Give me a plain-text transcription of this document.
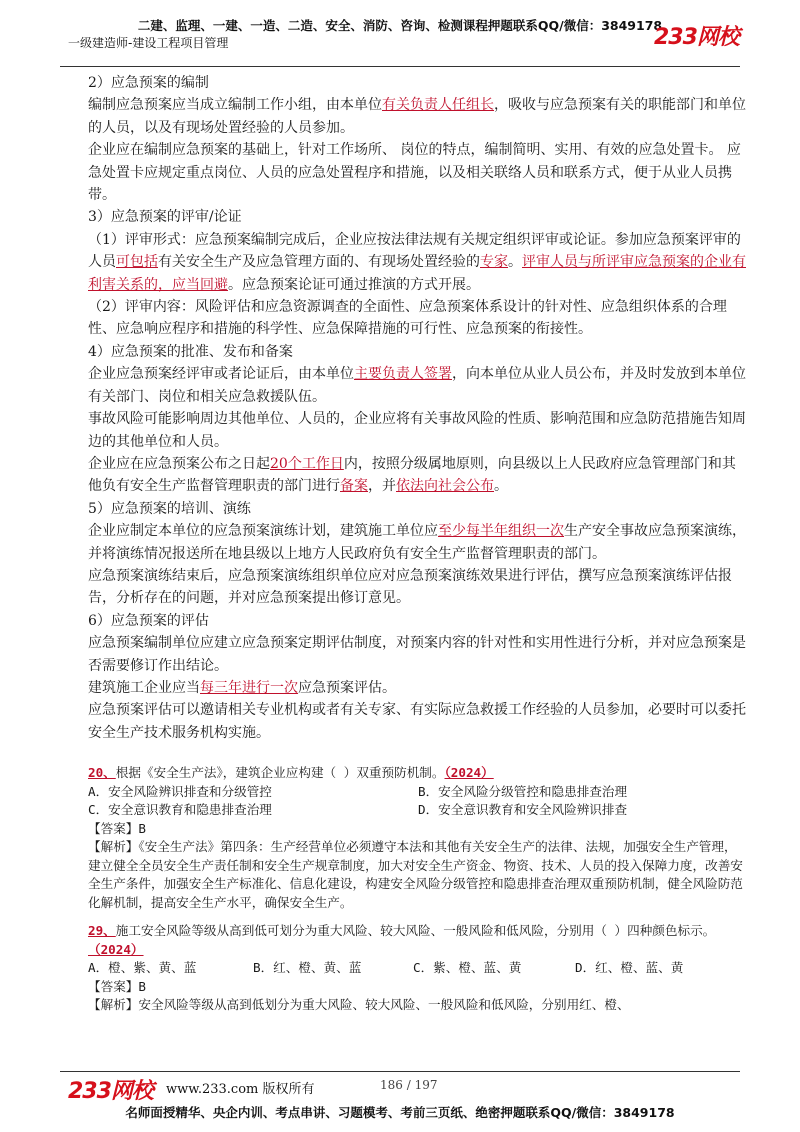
二建、监理、一建、一造、二造、安全、消防、咨询、检测课程押题联系QQ/微信：3849178
一级建造师-建设工程项目管理	233网校

2）应急预案的编制

编制应急预案应当成立编制工作小组，由本单位有关负责人任组长，吸收与应急预案有关的职能部门和单位的人员，以及有现场处置经验的人员参加。

企业应在编制应急预案的基础上，针对工作场所、 岗位的特点，编制简明、实用、有效的应急处置卡。 应急处置卡应规定重点岗位、人员的应急处置程序和措施，以及相关联络人员和联系方式，便于从业人员携带。

3）应急预案的评审/论证

（1）评审形式：应急预案编制完成后，企业应按法律法规有关规定组织评审或论证。参加应急预案评审的人员可包括有关安全生产及应急管理方面的、有现场处置经验的专家。评审人员与所评审应急预案的企业有利害关系的，应当回避。应急预案论证可通过推演的方式开展。

（2）评审内容：风险评估和应急资源调查的全面性、应急预案体系设计的针对性、应急组织体系的合理性、应急响应程序和措施的科学性、应急保障措施的可行性、应急预案的衔接性。

4）应急预案的批准、发布和备案

企业应急预案经评审或者论证后，由本单位主要负责人签署，向本单位从业人员公布，并及时发放到本单位有关部门、岗位和相关应急救援队伍。

事故风险可能影响周边其他单位、人员的，企业应将有关事故风险的性质、影响范围和应急防范措施告知周边的其他单位和人员。

企业应在应急预案公布之日起20个工作日内，按照分级属地原则，向县级以上人民政府应急管理部门和其他负有安全生产监督管理职责的部门进行备案，并依法向社会公布。

5）应急预案的培训、演练

企业应制定本单位的应急预案演练计划，建筑施工单位应至少每半年组织一次生产安全事故应急预案演练，并将演练情况报送所在地县级以上地方人民政府负有安全生产监督管理职责的部门。

应急预案演练结束后，应急预案演练组织单位应对应急预案演练效果进行评估，撰写应急预案演练评估报告，分析存在的问题，并对应急预案提出修订意见。

6）应急预案的评估

应急预案编制单位应建立应急预案定期评估制度，对预案内容的针对性和实用性进行分析，并对应急预案是否需要修订作出结论。

建筑施工企业应当每三年进行一次应急预案评估。

应急预案评估可以邀请相关专业机构或者有关专家、有实际应急救援工作经验的人员参加，必要时可以委托安全生产技术服务机构实施。

20、根据《安全生产法》，建筑企业应构建（ ）双重预防机制。（2024）

A．安全风险辨识排查和分级管控	B．安全风险分级管控和隐患排查治理

C．安全意识教育和隐患排查治理	D．安全意识教育和安全风险辨识排查

【答案】B

【解析】《安全生产法》第四条：生产经营单位必须遵守本法和其他有关安全生产的法律、法规，加强安全生产管理，建立健全全员安全生产责任制和安全生产规章制度，加大对安全生产资金、物资、技术、人员的投入保障力度，改善安全生产条件，加强安全生产标准化、信息化建设，构建安全风险分级管控和隐患排查治理双重预防机制，健全风险防范化解机制，提高安全生产水平，确保安全生产。

29、施工安全风险等级从高到低可划分为重大风险、较大风险、一般风险和低风险，分别用（ ）四种颜色标示。（2024）

A．橙、紫、黄、蓝	B．红、橙、黄、蓝	C．紫、橙、蓝、黄	D．红、橙、蓝、黄

【答案】B

【解析】安全风险等级从高到低划分为重大风险、较大风险、一般风险和低风险，分别用红、橙、

233网校 www.233.com 版权所有	186 / 197
名师面授精华、央企内训、考点串讲、习题模考、考前三页纸、绝密押题联系QQ/微信：3849178
